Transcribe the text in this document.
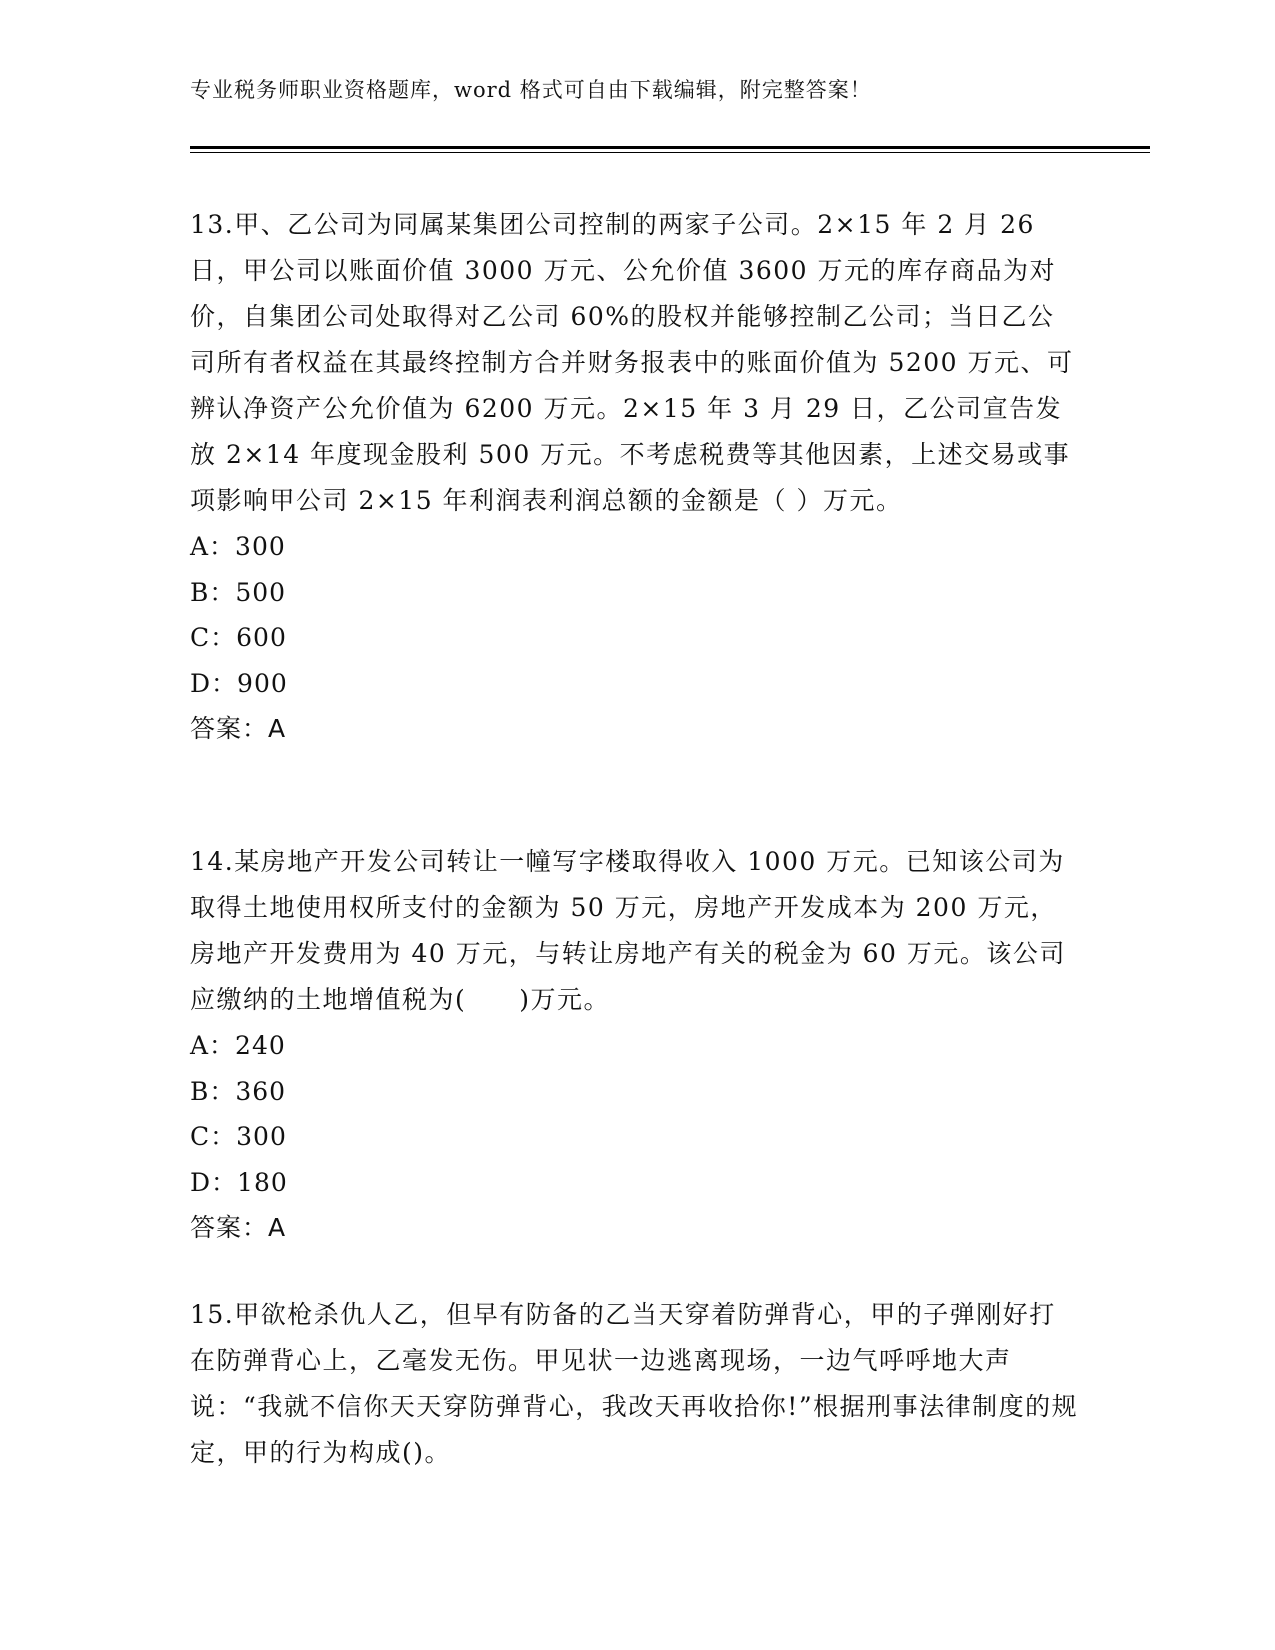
专业税务师职业资格题库，word 格式可自由下载编辑，附完整答案！

13.甲、乙公司为同属某集团公司控制的两家子公司。2×15 年 2 月 26 日，甲公司以账面价值 3000 万元、公允价值 3600 万元的库存商品为对价，自集团公司处取得对乙公司 60%的股权并能够控制乙公司；当日乙公司所有者权益在其最终控制方合并财务报表中的账面价值为 5200 万元、可辨认净资产公允价值为 6200 万元。2×15 年 3 月 29 日，乙公司宣告发放 2×14 年度现金股利 500 万元。不考虑税费等其他因素，上述交易或事项影响甲公司 2×15 年利润表利润总额的金额是（ ）万元。

A：300

B：500

C：600

D：900

答案：A

14.某房地产开发公司转让一幢写字楼取得收入 1000 万元。已知该公司为取得土地使用权所支付的金额为 50 万元，房地产开发成本为 200 万元，房地产开发费用为 40 万元，与转让房地产有关的税金为 60 万元。该公司应缴纳的土地增值税为(　　)万元。

A：240

B：360

C：300

D：180

答案：A

15.甲欲枪杀仇人乙，但早有防备的乙当天穿着防弹背心，甲的子弹刚好打在防弹背心上，乙毫发无伤。甲见状一边逃离现场，一边气呼呼地大声说：“我就不信你天天穿防弹背心，我改天再收拾你!”根据刑事法律制度的规定，甲的行为构成()。
